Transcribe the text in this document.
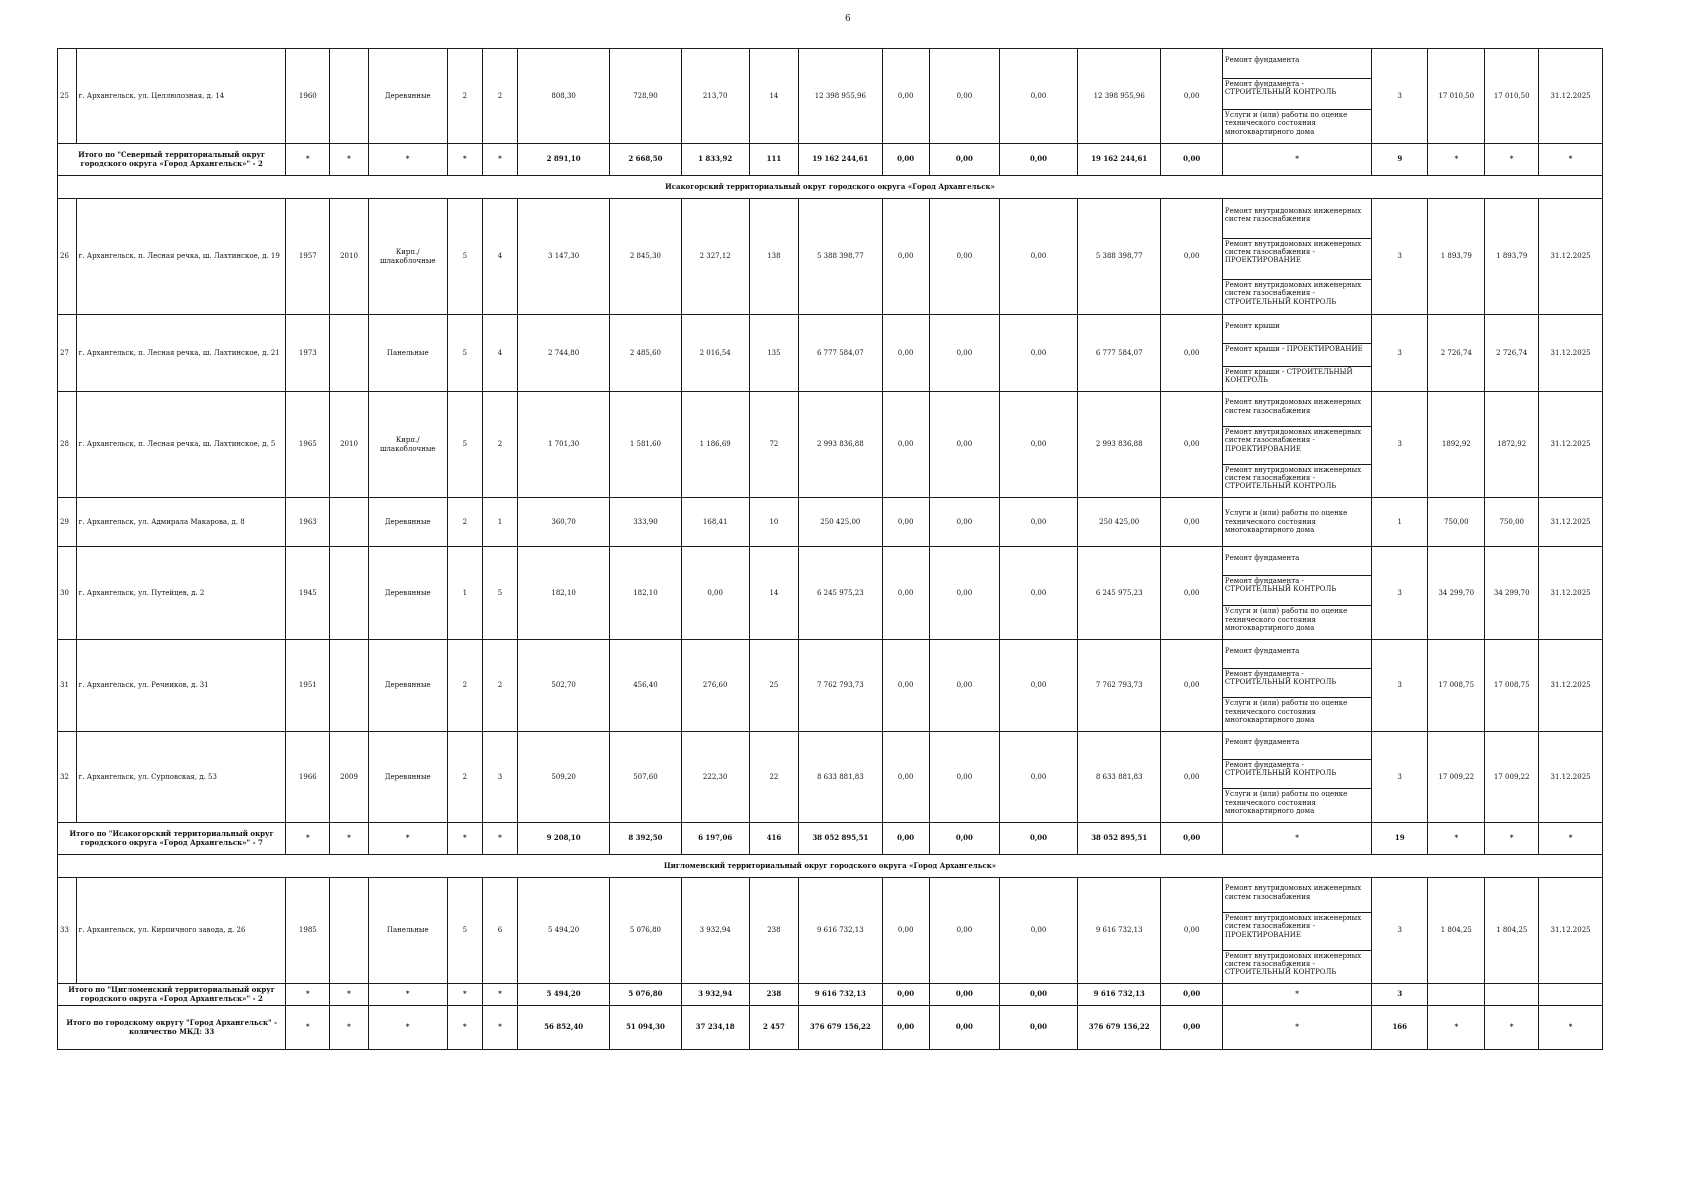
6
25	г. Архангельск, ул. Целлюлозная, д. 14	1960		Деревянные	2	2	808,30	728,90	213,70	14	12 398 955,96	0,00	0,00	0,00	12 398 955,96	0,00	Ремонт фундамента
Ремонт фундамента - СТРОИТЕЛЬНЫЙ КОНТРОЛЬ
Услуги и (или) работы по оценке технического состояния многоквартирного дома	3	17 010,50	17 010,50	31.12.2025
Итого по "Северный территориальный округ городского округа «Город Архангельск»" - 2		*	*	*	*	*	2 891,10	2 668,50	1 833,92	111	19 162 244,61	0,00	0,00	0,00	19 162 244,61	0,00	*	9	*	*	*
Исакогорский территориальный округ городского округа «Город Архангельск»																					
26	г. Архангельск, п. Лесная речка, ш. Лахтинское, д. 19	1957	2010	Кирп./шлакоблочные	5	4	3 147,30	2 845,30	2 327,12	138	5 388 398,77	0,00	0,00	0,00	5 388 398,77	0,00	Ремонт внутридомовых инженерных систем газоснабжения
Ремонт внутридомовых инженерных систем газоснабжения - ПРОЕКТИРОВАНИЕ
Ремонт внутридомовых инженерных систем газоснабжения - СТРОИТЕЛЬНЫЙ КОНТРОЛЬ	3	1 893,79	1 893,79	31.12.2025
27	г. Архангельск, п. Лесная речка, ш. Лахтинское, д. 21	1973		Панельные	5	4	2 744,80	2 485,60	2 016,54	135	6 777 584,07	0,00	0,00	0,00	6 777 584,07	0,00	Ремонт крыши
Ремонт крыши - ПРОЕКТИРОВАНИЕ
Ремонт крыши - СТРОИТЕЛЬНЫЙ КОНТРОЛЬ	3	2 726,74	2 726,74	31.12.2025
28	г. Архангельск, п. Лесная речка, ш. Лахтинское, д. 5	1965	2010	Кирп./шлакоблочные	5	2	1 701,30	1 581,60	1 186,69	72	2 993 836,88	0,00	0,00	0,00	2 993 836,88	0,00	Ремонт внутридомовых инженерных систем газоснабжения
Ремонт внутридомовых инженерных систем газоснабжения - ПРОЕКТИРОВАНИЕ
Ремонт внутридомовых инженерных систем газоснабжения - СТРОИТЕЛЬНЫЙ КОНТРОЛЬ	3	1892,92	1872,92	31.12.2025
29	г. Архангельск, ул. Адмирала Макарова, д. 8	1963		Деревянные	2	1	360,70	333,90	168,41	10	250 425,00	0,00	0,00	0,00	250 425,00	0,00	Услуги и (или) работы по оценке технического состояния многоквартирного дома	1	750,00	750,00	31.12.2025
30	г. Архангельск, ул. Путейцев, д. 2	1945		Деревянные	1	5	182,10	182,10	0,00	14	6 245 975,23	0,00	0,00	0,00	6 245 975,23	0,00	Ремонт фундамента
Ремонт фундамента - СТРОИТЕЛЬНЫЙ КОНТРОЛЬ
Услуги и (или) работы по оценке технического состояния многоквартирного дома	3	34 299,70	34 299,70	31.12.2025
31	г. Архангельск, ул. Речников, д. 31	1951		Деревянные	2	2	502,70	456,40	276,60	25	7 762 793,73	0,00	0,00	0,00	7 762 793,73	0,00	Ремонт фундамента
Ремонт фундамента - СТРОИТЕЛЬНЫЙ КОНТРОЛЬ
Услуги и (или) работы по оценке технического состояния многоквартирного дома	3	17 008,75	17 008,75	31.12.2025
32	г. Архангельск, ул. Сурповская, д. 53	1966	2009	Деревянные	2	3	509,20	507,60	222,30	22	8 633 881,83	0,00	0,00	0,00	8 633 881,83	0,00	Ремонт фундамента
Ремонт фундамента - СТРОИТЕЛЬНЫЙ КОНТРОЛЬ
Услуги и (или) работы по оценке технического состояния многоквартирного дома	3	17 009,22	17 009,22	31.12.2025
Итого по "Исакогорский территориальный округ городского округа «Город Архангельск»" - 7		*	*	*	*	*	9 208,10	8 392,50	6 197,06	416	38 052 895,51	0,00	0,00	0,00	38 052 895,51	0,00	*	19	*	*	*
Цигломенский территориальный округ городского округа «Город Архангельск»																					
33	г. Архангельск, ул. Кирпичного завода, д. 26	1985		Панельные	5	6	5 494,20	5 076,80	3 932,94	238	9 616 732,13	0,00	0,00	0,00	9 616 732,13	0,00	Ремонт внутридомовых инженерных систем газоснабжения
Ремонт внутридомовых инженерных систем газоснабжения - ПРОЕКТИРОВАНИЕ
Ремонт внутридомовых инженерных систем газоснабжения - СТРОИТЕЛЬНЫЙ КОНТРОЛЬ	3	1 804,25	1 804,25	31.12.2025
Итого по "Цигломенский территориальный округ городского округа «Город Архангельск»" - 2		*	*	*	*	*	5 494,20	5 076,80	3 932,94	238	9 616 732,13	0,00	0,00	0,00	9 616 732,13	0,00	*	3			
Итого по городскому округу "Город Архангельск" - количество МКД: 33		*	*	*	*	*	56 852,40	51 094,30	37 234,18	2 457	376 679 156,22	0,00	0,00	0,00	376 679 156,22	0,00	*	166	*	*	*
